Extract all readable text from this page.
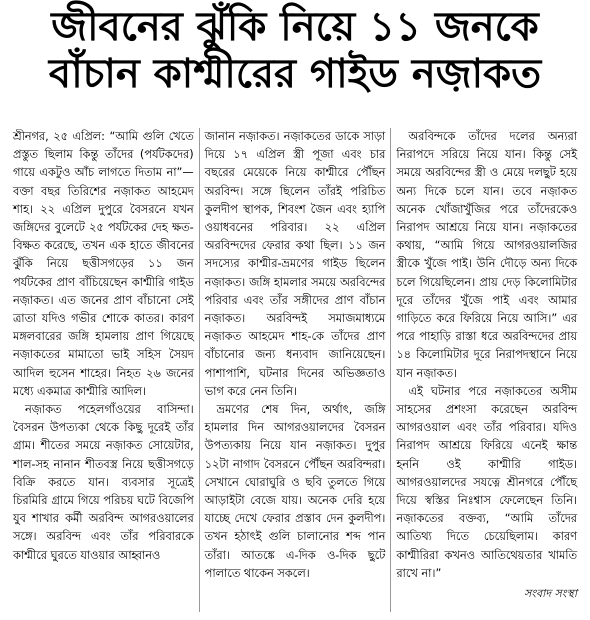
জীবনের ঝুঁকি নিয়ে ১১ জনকে
বাঁচান কাশ্মীরের গাইড নজ়াকত

শ্রীনগর, ২৫ এপ্রিল: “আমি গুলি খেতে প্রস্তুত ছিলাম কিন্তু তাঁদের (পর্যটকদের) গায়ে একটুও আঁচ লাগতে দিতাম না”— বক্তা বছর তিরিশের নজ়াকত আহমেদ শাহ। ২২ এপ্রিল দুপুরে বৈসরনে যখন জঙ্গিদের বুলেটে ২৫ পর্যটকের দেহ ক্ষত-বিক্ষত করেছে, তখন এক হাতে জীবনের ঝুঁকি নিয়ে ছত্তীসগড়ের ১১ জন পর্যটকের প্রাণ বাঁচিয়েছেন কাশ্মীরি গাইড নজ়াকত। এত জনের প্রাণ বাঁচানো সেই ত্রাতা যদিও গভীর শোকে কাতর। কারণ মঙ্গলবারের জঙ্গি হামলায় প্রাণ গিয়েছে নজ়াকতের মামাতো ভাই সহিস সৈয়দ আদিল হুসেন শাহের। নিহত ২৬ জনের মধ্যে একমাত্র কাশ্মীরি আদিল।

নজ়াকত পহেলগাঁওয়ের বাসিন্দা। বৈসরন উপত্যকা থেকে কিছু দূরেই তাঁর গ্রাম। শীতের সময়ে নজ়াকত সোয়েটার, শাল-সহ নানান শীতবস্ত্র নিয়ে ছত্তীসগড়ে বিক্রি করতে যান। ব্যবসার সূত্রেই চিরমিরি গ্রামে গিয়ে পরিচয় ঘটে বিজেপি যুব শাখার কর্মী অরবিন্দ আগরওয়ালের সঙ্গে। অরবিন্দ এবং তাঁর পরিবারকে কাশ্মীরে ঘুরতে যাওয়ার আহ্বানও

জানান নজ়াকত। নজ়াকতের ডাকে সাড়া দিয়ে ১৭ এপ্রিল স্ত্রী পূজা এবং চার বছরের মেয়েকে নিয়ে কাশ্মীরে পৌঁছন অরবিন্দ। সঙ্গে ছিলেন তাঁরই পরিচিত কুলদীপ স্থাপক, শিবংশ জৈন এবং হ্যাপি ওয়াধবনের পরিবার। ২২ এপ্রিল অরবিন্দদের ফেরার কথা ছিল। ১১ জন সদস্যের কাশ্মীর-ভ্রমণের গাইড ছিলেন নজ়াকত। জঙ্গি হামলার সময়ে অরবিন্দের পরিবার এবং তাঁর সঙ্গীদের প্রাণ বাঁচান নজ়াকত। অরবিন্দই সমাজমাধ্যমে নজ়াকত আহমেদ শাহ-কে তাঁদের প্রাণ বাঁচানোর জন্য ধন্যবাদ জানিয়েছেন। পাশাপাশি, ঘটনার দিনের অভিজ্ঞতাও ভাগ করে নেন তিনি।

ভ্রমণের শেষ দিন, অর্থাৎ, জঙ্গি হামলার দিন আগরওয়ালদের বৈসরন উপত্যকায় নিয়ে যান নজ়াকত। দুপুর ১২টা নাগাদ বৈসরনে পৌঁছন অরবিন্দরা। সেখানে ঘোরাঘুরি ও ছবি তুলতে গিয়ে আড়াইটা বেজে যায়। অনেক দেরি হয়ে যাচ্ছে দেখে ফেরার প্রস্তাব দেন কুলদীপ। তখন হঠাৎই গুলি চালানোর শব্দ পান তাঁরা। আতঙ্কে এ-দিক ও-দিক ছুটে পালাতে থাকেন সকলে।

অরবিন্দকে তাঁদের দলের অন্যরা নিরাপদে সরিয়ে নিয়ে যান। কিন্তু সেই সময়ে অরবিন্দের স্ত্রী ও মেয়ে দলছুট হয়ে অন্য দিকে চলে যান। তবে নজ়াকত অনেক খোঁজাখুঁজির পরে তাঁদেরকেও নিরাপদ আশ্রয়ে নিয়ে যান। নজ়াকতের কথায়, “আমি গিয়ে আগরওয়ালজির স্ত্রীকে খুঁজে পাই। উনি দৌড়ে অন্য দিকে চলে গিয়েছিলেন। প্রায় দেড় কিলোমিটার দূরে তাঁদের খুঁজে পাই এবং আমার গাড়িতে করে ফিরিয়ে নিয়ে আসি।” এর পরে পাহাড়ি রাস্তা ধরে অরবিন্দদের প্রায় ১৪ কিলোমিটার দূরে নিরাপদস্থানে নিয়ে যান নজ়াকত।

এই ঘটনার পরে নজ়াকতের অসীম সাহসের প্রশংসা করেছেন অরবিন্দ আগরওয়াল এবং তাঁর পরিবার। যদিও নিরাপদ আশ্রয়ে ফিরিয়ে এনেই ক্ষান্ত হননি ওই কাশ্মীরি গাইড। আগরওয়ালদের সযত্নে শ্রীনগরে পৌঁছে দিয়ে স্বস্তির নিঃশ্বাস ফেলেছেন তিনি। নজ়াকতের বক্তব্য, “আমি তাঁদের আতিথ্য দিতে চেয়েছিলাম। কারণ কাশ্মীরিরা কখনও আতিথেয়তার খামতি রাখে না।”

সংবাদ সংস্থা
